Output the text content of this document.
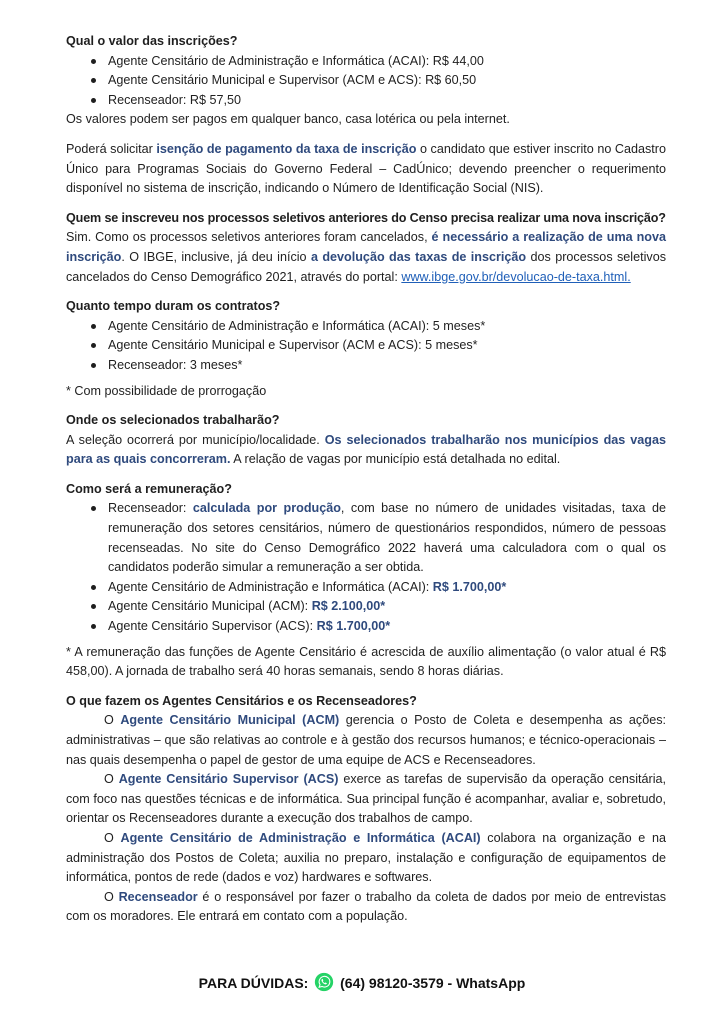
Qual o valor das inscrições?

Agente Censitário de Administração e Informática (ACAI): R$ 44,00
Agente Censitário Municipal e Supervisor (ACM e ACS): R$ 60,50
Recenseador: R$ 57,50

Os valores podem ser pagos em qualquer banco, casa lotérica ou pela internet.

Poderá solicitar isenção de pagamento da taxa de inscrição o candidato que estiver inscrito no Cadastro Único para Programas Sociais do Governo Federal – CadÚnico; devendo preencher o requerimento disponível no sistema de inscrição, indicando o Número de Identificação Social (NIS).

Quem se inscreveu nos processos seletivos anteriores do Censo precisa realizar uma nova inscrição?

Sim. Como os processos seletivos anteriores foram cancelados, é necessário a realização de uma nova inscrição. O IBGE, inclusive, já deu início a devolução das taxas de inscrição dos processos seletivos cancelados do Censo Demográfico 2021, através do portal: www.ibge.gov.br/devolucao-de-taxa.html.

Quanto tempo duram os contratos?

Agente Censitário de Administração e Informática (ACAI): 5 meses*
Agente Censitário Municipal e Supervisor (ACM e ACS): 5 meses*
Recenseador: 3 meses*

* Com possibilidade de prorrogação

Onde os selecionados trabalharão?

A seleção ocorrerá por município/localidade. Os selecionados trabalharão nos municípios das vagas para as quais concorreram. A relação de vagas por município está detalhada no edital.

Como será a remuneração?

Recenseador: calculada por produção, com base no número de unidades visitadas, taxa de remuneração dos setores censitários, número de questionários respondidos, número de pessoas recenseadas. No site do Censo Demográfico 2022 haverá uma calculadora com o qual os candidatos poderão simular a remuneração a ser obtida.
Agente Censitário de Administração e Informática (ACAI): R$ 1.700,00*
Agente Censitário Municipal (ACM): R$ 2.100,00*
Agente Censitário Supervisor (ACS): R$ 1.700,00*

* A remuneração das funções de Agente Censitário é acrescida de auxílio alimentação (o valor atual é R$ 458,00). A jornada de trabalho será 40 horas semanais, sendo 8 horas diárias.

O que fazem os Agentes Censitários e os Recenseadores?

O Agente Censitário Municipal (ACM) gerencia o Posto de Coleta e desempenha as ações: administrativas – que são relativas ao controle e à gestão dos recursos humanos; e técnico-operacionais – nas quais desempenha o papel de gestor de uma equipe de ACS e Recenseadores.

O Agente Censitário Supervisor (ACS) exerce as tarefas de supervisão da operação censitária, com foco nas questões técnicas e de informática. Sua principal função é acompanhar, avaliar e, sobretudo, orientar os Recenseadores durante a execução dos trabalhos de campo.

O Agente Censitário de Administração e Informática (ACAI) colabora na organização e na administração dos Postos de Coleta; auxilia no preparo, instalação e configuração de equipamentos de informática, pontos de rede (dados e voz) hardwares e softwares.

O Recenseador é o responsável por fazer o trabalho da coleta de dados por meio de entrevistas com os moradores. Ele entrará em contato com a população.

PARA DÚVIDAS: (64) 98120-3579 - WhatsApp
